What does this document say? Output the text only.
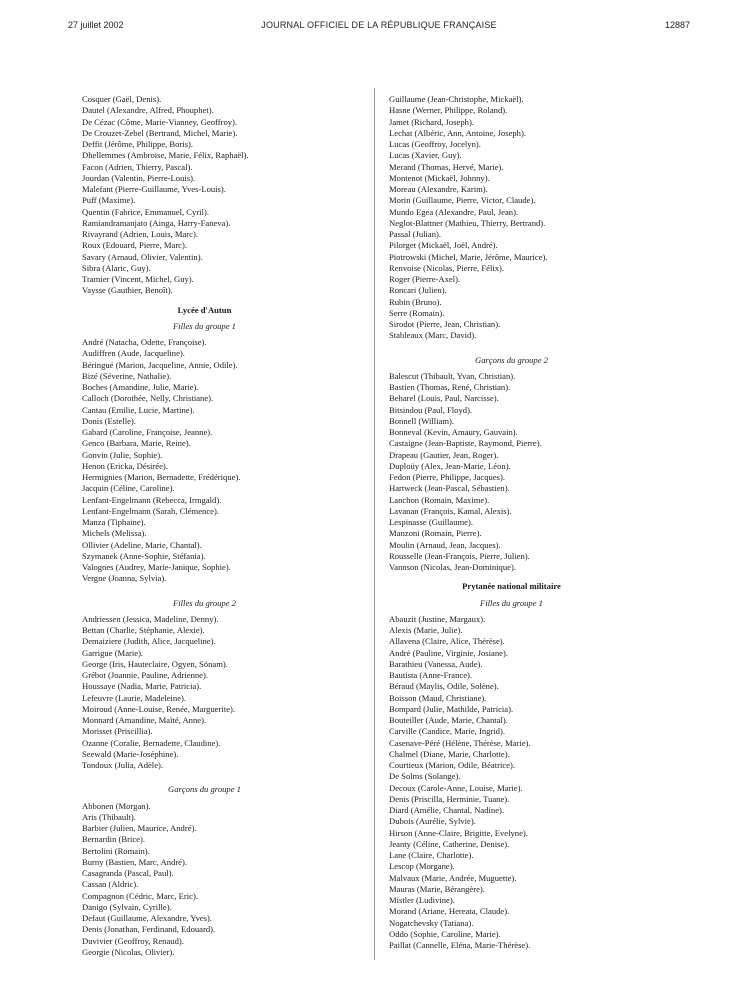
27 juillet 2002	JOURNAL OFFICIEL DE LA RÉPUBLIQUE FRANÇAISE	12887
Cosquer (Gaël, Denis).
Dautel (Alexandre, Alfred, Phouphet).
De Cézac (Côme, Marie-Vianney, Geoffroy).
De Crouzet-Zebel (Bertrand, Michel, Marie).
Deffit (Jérôme, Philippe, Boris).
Dhellemmes (Ambroise, Marie, Félix, Raphaël).
Facon (Adrien, Thierry, Pascal).
Jourdan (Valentin, Pierre-Louis).
Malefant (Pierre-Guillaume, Yves-Louis).
Puff (Maxime).
Quentin (Fabrice, Emmanuel, Cyril).
Ramiandramanjato (Ainga, Harry-Faneva).
Rivayrand (Adrien, Louis, Marc).
Roux (Edouard, Pierre, Marc).
Savary (Arnaud, Olivier, Valentin).
Sibra (Alaric, Guy).
Tramier (Vincent, Michel, Guy).
Vaysse (Gauthier, Benoît).
Lycée d'Autun
Filles du groupe 1
André (Natacha, Odette, Françoise).
Audiffren (Aude, Jacqueline).
Béringué (Marion, Jacqueline, Annie, Odile).
Bizé (Séverine, Nathalie).
Boches (Amandine, Julie, Marie).
Calloch (Dorothée, Nelly, Christiane).
Cantau (Emilie, Lucie, Martine).
Donis (Estelle).
Gabard (Caroline, Françoise, Jeanne).
Genco (Barbara, Marie, Reine).
Gonvin (Julie, Sophie).
Henon (Ericka, Désirée).
Hermignies (Marion, Bernadette, Frédérique).
Jacquin (Céline, Caroline).
Lenfant-Engelmann (Rebecca, Irmgald).
Lenfant-Engelmann (Sarah, Clémence).
Manza (Tiphaine).
Michels (Melissa).
Ollivier (Adeline, Marie, Chantal).
Szymanek (Anne-Sophie, Stéfania).
Valognes (Audrey, Marie-Janique, Sophie).
Vergne (Joanna, Sylvia).
Filles du groupe 2
Andriessen (Jessica, Madeline, Denny).
Bettan (Charlie, Stéphanie, Alexie).
Demaiziere (Judith, Alice, Jacqueline).
Garrigue (Marie).
George (Iris, Hauteclaire, Ogyen, Sönam).
Grébot (Joannie, Pauline, Adrienne).
Houssaye (Nadia, Marie, Patricia).
Lefeuvre (Laurie, Madeleine).
Moiroud (Anne-Louise, Renée, Marguerite).
Monnard (Amandine, Maïté, Anne).
Morisset (Priscillia).
Ozanne (Coralie, Bernadette, Claudine).
Seewald (Marie-Joséphine).
Tondoux (Julia, Adèle).
Garçons du groupe 1
Abbonen (Morgan).
Aris (Thibault).
Barbier (Julien, Maurice, André).
Bernardin (Brice).
Bertolini (Romain).
Burny (Bastien, Marc, André).
Casagranda (Pascal, Paul).
Cassan (Aldric).
Compagnon (Cédric, Marc, Eric).
Danigo (Sylvain, Cyrille).
Defaut (Guillaume, Alexandre, Yves).
Denis (Jonathan, Ferdinand, Edouard).
Duvivier (Geoffroy, Renaud).
Georgie (Nicolas, Olivier).
Guillaume (Jean-Christophe, Mickaël).
Hasne (Werner, Philippe, Roland).
Jamet (Richard, Joseph).
Lechat (Albéric, Ann, Antoine, Joseph).
Lucas (Geoffroy, Jocelyn).
Lucas (Xavier, Guy).
Merand (Thomas, Hervé, Marie).
Montenot (Mickaël, Johnny).
Moreau (Alexandre, Karim).
Morin (Guillaume, Pierre, Victor, Claude).
Mundo Egea (Alexandre, Paul, Jean).
Neglot-Blattner (Mathieu, Thierry, Bertrand).
Passal (Julian).
Pilorget (Mickaël, Joël, André).
Piotrowski (Michel, Marie, Jérôme, Maurice).
Renvoise (Nicolas, Pierre, Félix).
Roger (Pierre-Axel).
Roncari (Julien).
Rubin (Bruno).
Serre (Romain).
Sirodot (Pierre, Jean, Christian).
Stableaux (Marc, David).
Garçons du groupe 2
Balescut (Thibault, Yvan, Christian).
Bastien (Thomas, René, Christian).
Beharel (Louis, Paul, Narcisse).
Bitsindou (Paul, Floyd).
Bonnell (William).
Bonneval (Kevin, Amaury, Gauvain).
Castaigne (Jean-Baptiste, Raymond, Pierre).
Drapeau (Gautier, Jean, Roger).
Duploüy (Alex, Jean-Marie, Léon).
Fedon (Pierre, Philippe, Jacques).
Hartweck (Jean-Pascal, Sébastien).
Lanchon (Romain, Maxime).
Lavanan (François, Kamal, Alexis).
Lespinasse (Guillaume).
Manzoni (Romain, Pierre).
Moulin (Arnaud, Jean, Jacques).
Rousselle (Jean-François, Pierre, Julien).
Vannson (Nicolas, Jean-Dominique).
Prytanée national militaire
Filles du groupe 1
Abauzit (Justine, Margaux).
Alexis (Marie, Julie).
Allavena (Claire, Alice, Thérèse).
André (Pauline, Virginie, Josiane).
Barathieu (Vanessa, Aude).
Bautista (Anne-France).
Béraud (Maylis, Odile, Solène).
Boisson (Maud, Christiane).
Bompard (Julie, Mathilde, Patricia).
Bouteiller (Aude, Marie, Chantal).
Carville (Candice, Marie, Ingrid).
Casenave-Péré (Hélène, Thérèse, Marie).
Chalmel (Diane, Marie, Charlotte).
Courtieux (Marion, Odile, Béatrice).
De Solms (Solange).
Decoux (Carole-Anne, Louise, Marie).
Denis (Priscilla, Herminie, Tuane).
Diard (Amélie, Chantal, Nadine).
Dubois (Aurélie, Sylvie).
Hirson (Anne-Claire, Brigitte, Evelyne).
Jeanty (Céline, Catherine, Denise).
Lane (Claire, Charlotte).
Lescop (Morgane).
Malvaux (Marie, Andrée, Muguette).
Mauras (Marie, Bérangère).
Mistler (Ludivine).
Morand (Ariane, Hereata, Claude).
Nogatchevsky (Tatiana).
Oddo (Sophie, Caroline, Marie).
Paillat (Cannelle, Eléna, Marie-Thérèse).
